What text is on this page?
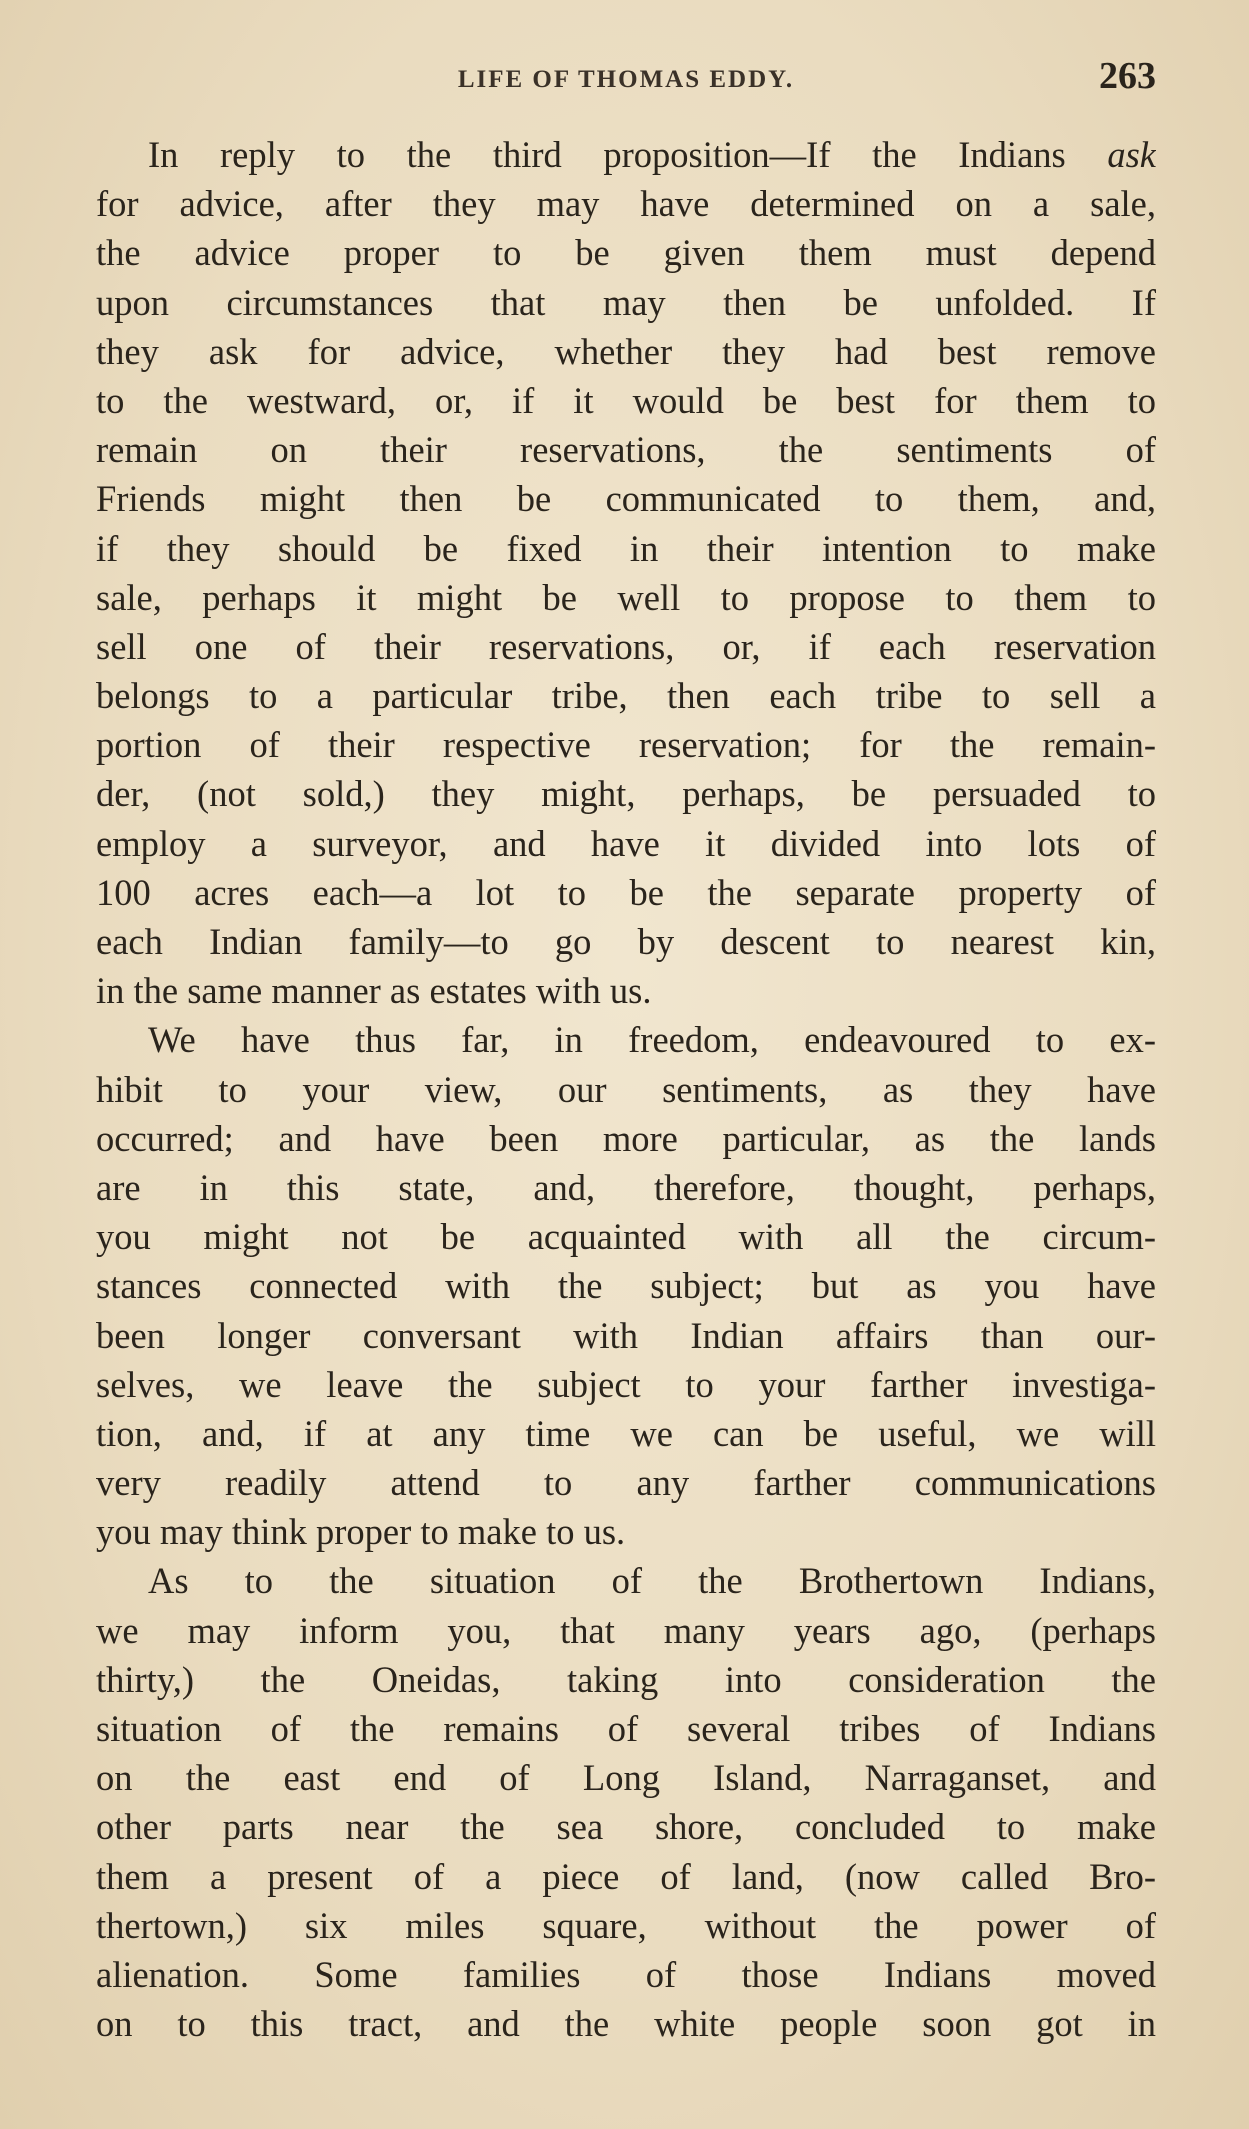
LIFE OF THOMAS EDDY.	263
In reply to the third proposition—If the Indians ask
for advice, after they may have determined on a sale,
the advice proper to be given them must depend
upon circumstances that may then be unfolded. If
they ask for advice, whether they had best remove
to the westward, or, if it would be best for them to
remain on their reservations, the sentiments of
Friends might then be communicated to them, and,
if they should be fixed in their intention to make
sale, perhaps it might be well to propose to them to
sell one of their reservations, or, if each reservation
belongs to a particular tribe, then each tribe to sell a
portion of their respective reservation; for the remain-
der, (not sold,) they might, perhaps, be persuaded to
employ a surveyor, and have it divided into lots of
100 acres each—a lot to be the separate property of
each Indian family—to go by descent to nearest kin,
in the same manner as estates with us.
We have thus far, in freedom, endeavoured to ex-
hibit to your view, our sentiments, as they have
occurred; and have been more particular, as the lands
are in this state, and, therefore, thought, perhaps,
you might not be acquainted with all the circum-
stances connected with the subject; but as you have
been longer conversant with Indian affairs than our-
selves, we leave the subject to your farther investiga-
tion, and, if at any time we can be useful, we will
very readily attend to any farther communications
you may think proper to make to us.
As to the situation of the Brothertown Indians,
we may inform you, that many years ago, (perhaps
thirty,) the Oneidas, taking into consideration the
situation of the remains of several tribes of Indians
on the east end of Long Island, Narraganset, and
other parts near the sea shore, concluded to make
them a present of a piece of land, (now called Bro-
thertown,) six miles square, without the power of
alienation. Some families of those Indians moved
on to this tract, and the white people soon got in
